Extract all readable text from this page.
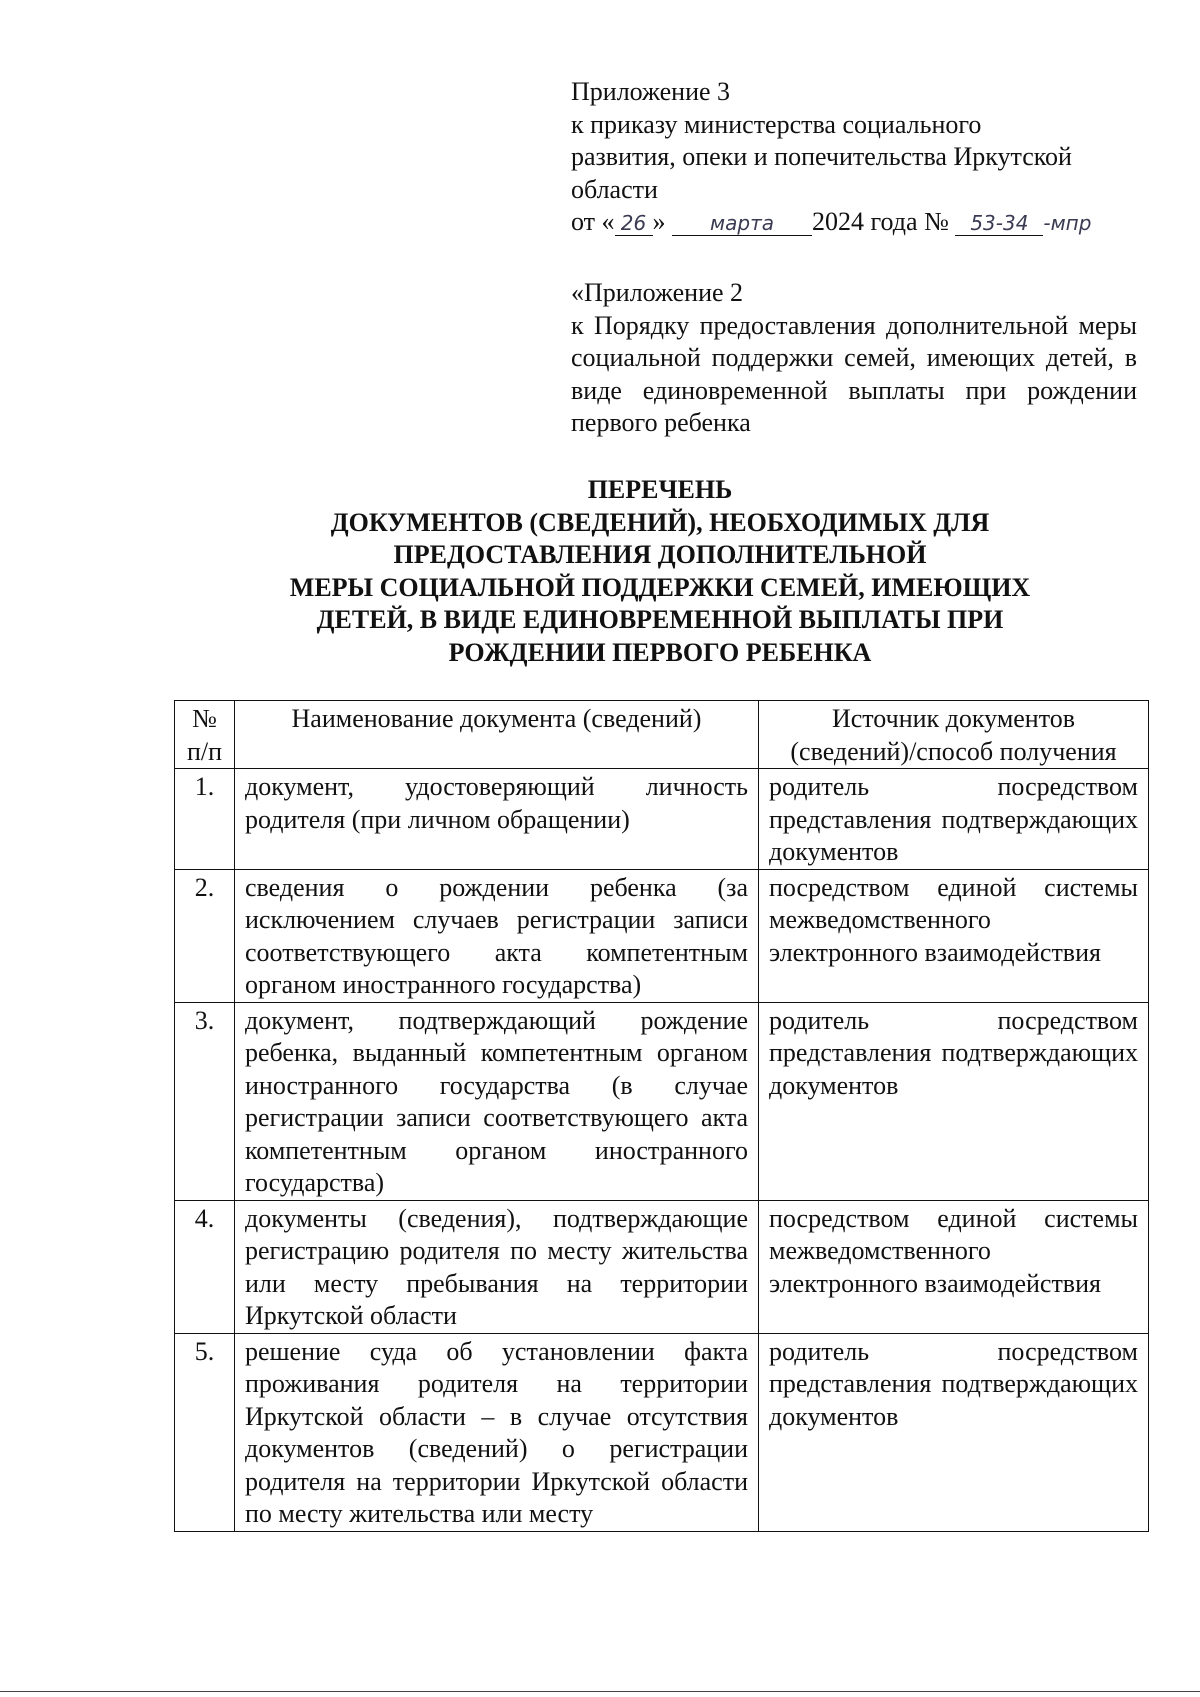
Приложение 3

к приказу министерства социального

развития, опеки и попечительства Иркутской

области

от « 26 » марта 2024 года № 53-34 -мпр

«Приложение 2

к Порядку предоставления дополнительной меры социальной поддержки семей, имеющих детей, в виде единовременной выплаты при рождении первого ребенка

ПЕРЕЧЕНЬ
ДОКУМЕНТОВ (СВЕДЕНИЙ), НЕОБХОДИМЫХ ДЛЯ
ПРЕДОСТАВЛЕНИЯ ДОПОЛНИТЕЛЬНОЙ
МЕРЫ СОЦИАЛЬНОЙ ПОДДЕРЖКИ СЕМЕЙ, ИМЕЮЩИХ
ДЕТЕЙ, В ВИДЕ ЕДИНОВРЕМЕННОЙ ВЫПЛАТЫ ПРИ
РОЖДЕНИИ ПЕРВОГО РЕБЕНКА
№ п/п	Наименование документа (сведений)	Источник документов (сведений)/способ получения
1.	документ, удостоверяющий личность родителя (при личном обращении)	родитель посредством представления подтверждающих документов
2.	сведения о рождении ребенка (за исключением случаев регистрации записи соответствующего акта компетентным органом иностранного государства)	посредством единой системы межведомственного электронного взаимодействия
3.	документ, подтверждающий рождение ребенка, выданный компетентным органом иностранного государства (в случае регистрации записи соответствующего акта компетентным органом иностранного государства)	родитель посредством представления подтверждающих документов
4.	документы (сведения), подтверждающие регистрацию родителя по месту жительства или месту пребывания на территории Иркутской области	посредством единой системы межведомственного электронного взаимодействия
5.	решение суда об установлении факта проживания родителя на территории Иркутской области – в случае отсутствия документов (сведений) о регистрации родителя на территории Иркутской области по месту жительства или месту	родитель посредством представления подтверждающих документов
